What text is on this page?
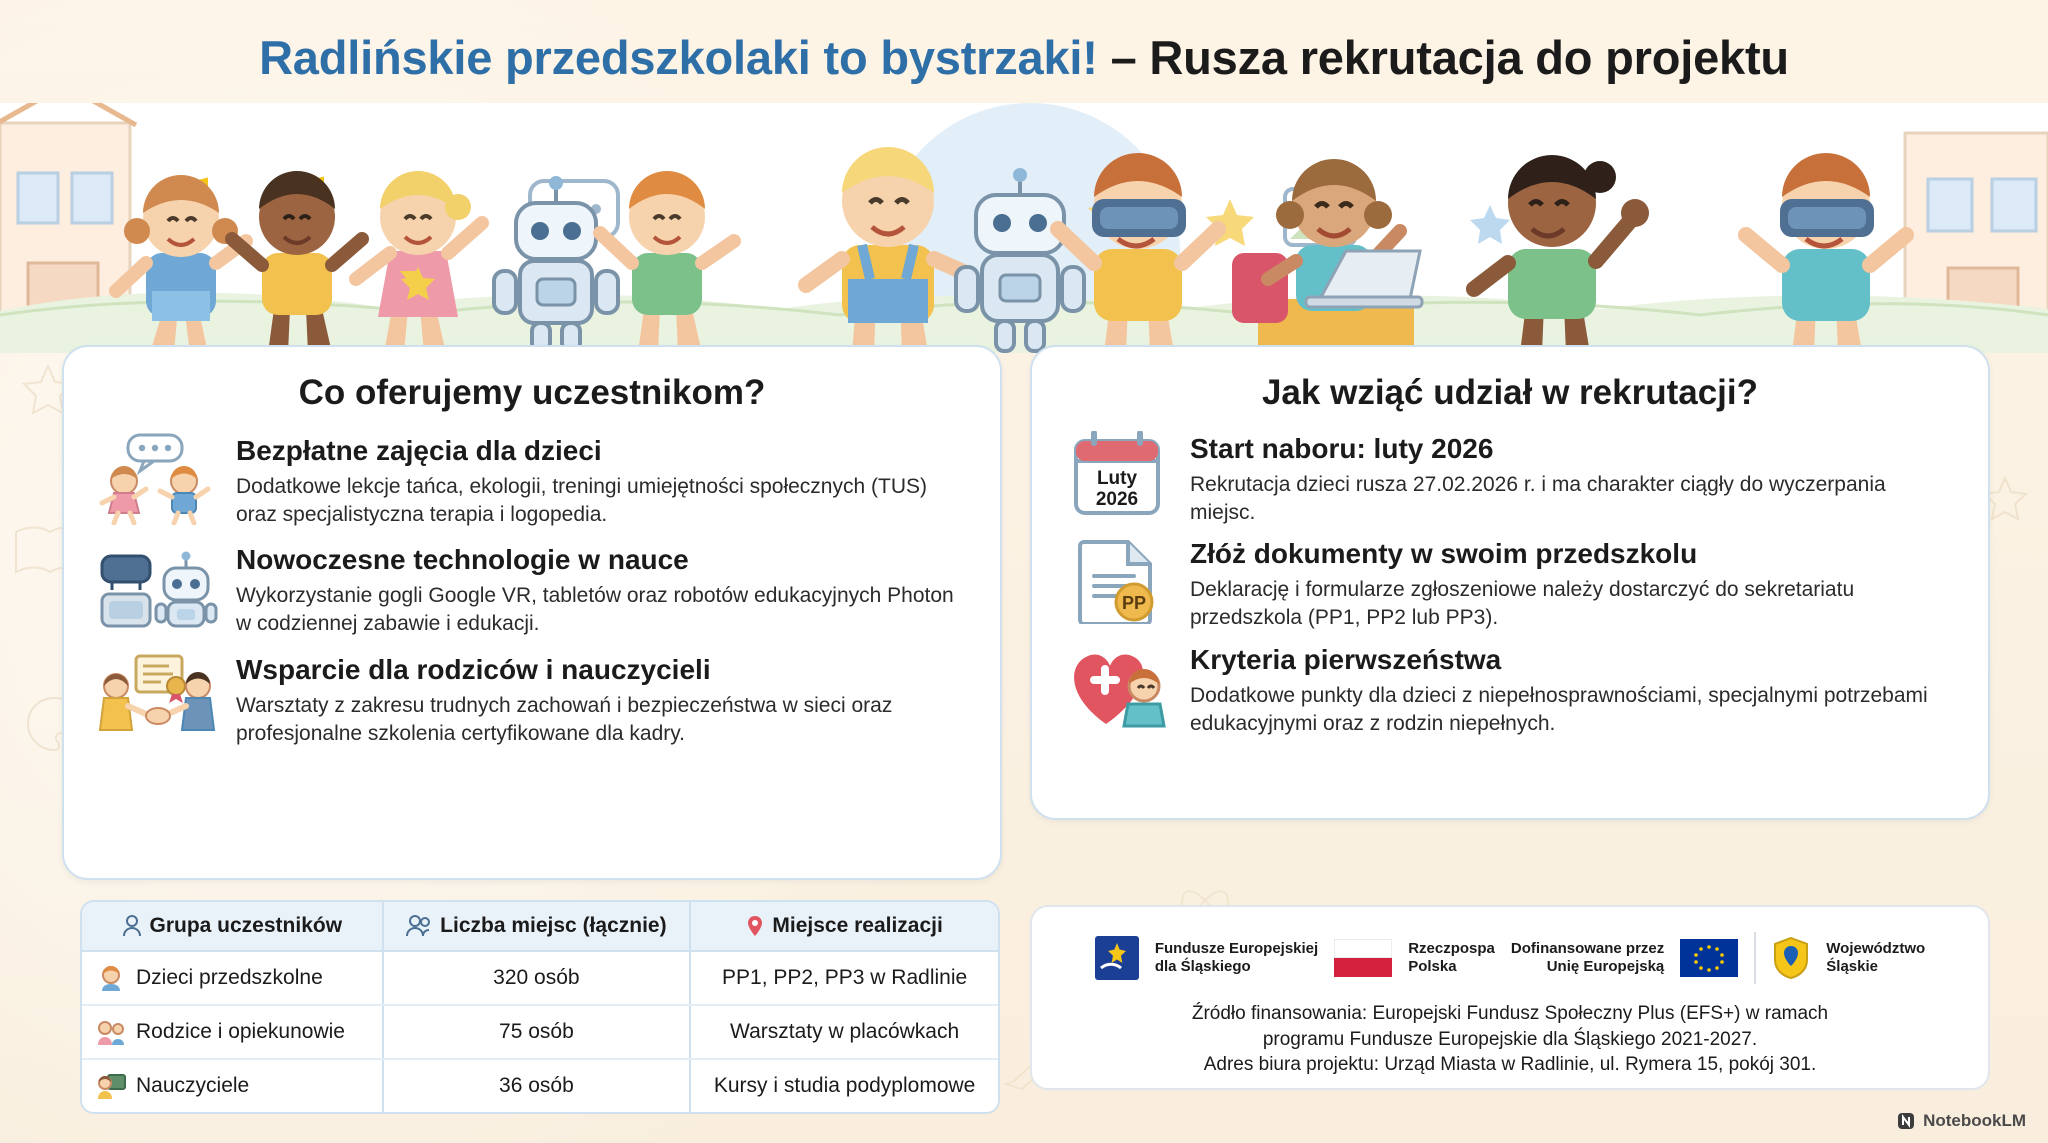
Radlińskie przedszkolaki to bystrzaki! – Rusza rekrutacja do projektu
Co oferujemy uczestnikom?
Bezpłatne zajęcia dla dzieci

Dodatkowe lekcje tańca, ekologii, treningi umiejętności społecznych (TUS) oraz specjalistyczna terapia i logopedia.

Nowoczesne technologie w nauce

Wykorzystanie gogli Google VR, tabletów oraz robotów edukacyjnych Photon w codziennej zabawie i edukacji.

Wsparcie dla rodziców i nauczycieli

Warsztaty z zakresu trudnych zachowań i bezpieczeństwa w sieci oraz profesjonalne szkolenia certyfikowane dla kadry.

Jak wziąć udział w rekrutacji?
Luty
2026
Start naboru: luty 2026

Rekrutacja dzieci rusza 27.02.2026 r. i ma charakter ciągły do wyczerpania miejsc.

PP
Złóż dokumenty w swoim przedszkolu

Deklarację i formularze zgłoszeniowe należy dostarczyć do sekretariatu przedszkola (PP1, PP2 lub PP3).

Kryteria pierwszeństwa

Dodatkowe punkty dla dzieci z niepełnosprawnościami, specjalnymi potrzebami edukacyjnymi oraz z rodzin niepełnych.

Grupa uczestników	Liczba miejsc (łącznie)	Miejsce realizacji

Dzieci przedszkolne	320 osób	PP1, PP2, PP3 w Radlinie

Rodzice i opiekunowie	75 osób	Warsztaty w placówkach

Nauczyciele	36 osób	Kursy i studia podyplomowe
Fundusze Europejskiej
dla Śląskiego
Rzeczpospa
Polska
Dofinansowane przez
Unię Europejską
Województwo
Śląskie
Źródło finansowania: Europejski Fundusz Społeczny Plus (EFS+) w ramach
programu Fundusze Europejskie dla Śląskiego 2021-2027.
Adres biura projektu: Urząd Miasta w Radlinie, ul. Rymera 15, pokój 301.
NotebookLM
